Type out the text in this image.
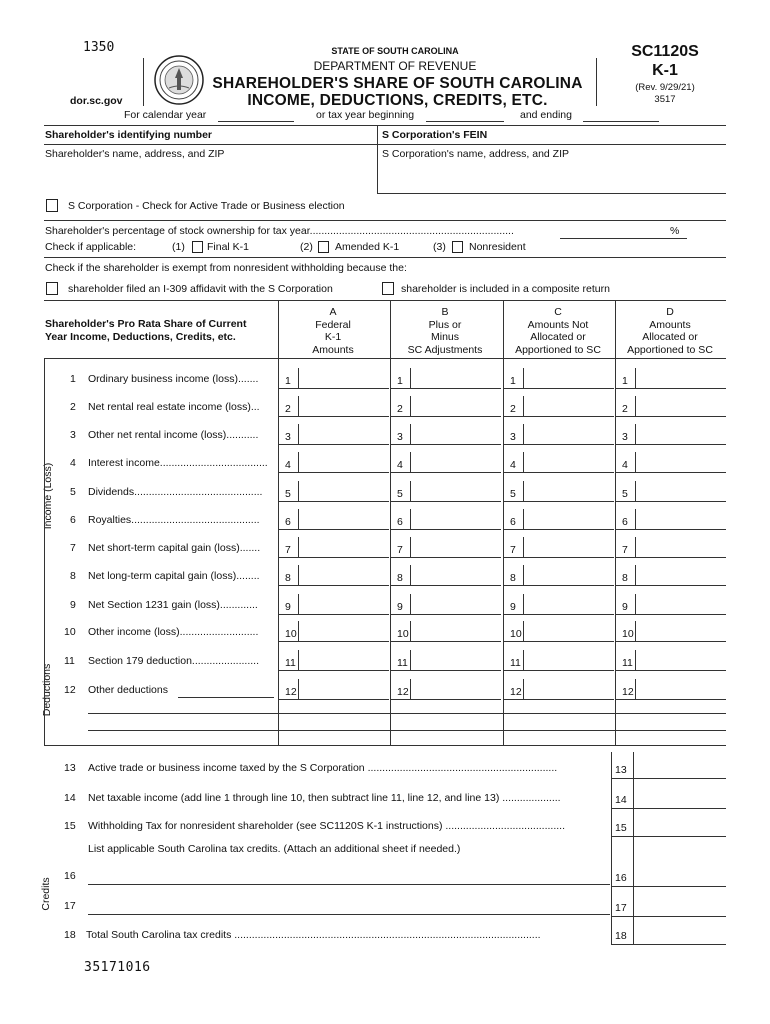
1350	STATE OF SOUTH CAROLINA
DEPARTMENT OF REVENUE
SHAREHOLDER'S SHARE OF SOUTH CAROLINA
INCOME, DEDUCTIONS, CREDITS, ETC.
dor.sc.gov
SC1120S
K-1
(Rev. 9/29/21)
3517
For calendar year	or tax year beginning	and ending
Shareholder's identifying number	S Corporation's FEIN
Shareholder's name, address, and ZIP	S Corporation's name, address, and ZIP
S Corporation - Check for Active Trade or Business election
Shareholder's percentage of stock ownership for tax year......................................................................	%
Check if applicable:	(1) Final K-1	(2) Amended K-1	(3) Nonresident
Check if the shareholder is exempt from nonresident withholding because the:
shareholder filed an I-309 affidavit with the S Corporation	shareholder is included in a composite return
Shareholder's Pro Rata Share of Current
Year Income, Deductions, Credits, etc.
A
Federal
K-1
Amounts
B
Plus or
Minus
SC Adjustments
C
Amounts Not
Allocated or
Apportioned to SC
D
Amounts
Allocated or
Apportioned to SC
Income (Loss)
Deductions
Credits
1 Ordinary business income (loss).......	1	1	1	1
2 Net rental real estate income (loss)...	2	2	2	2
3 Other net rental income (loss)...........	3	3	3	3
4 Interest income.....................................	4	4	4	4
5 Dividends............................................	5	5	5	5
6 Royalties............................................	6	6	6	6
7 Net short-term capital gain (loss).......	7	7	7	7
8 Net long-term capital gain (loss)........	8	8	8	8
9 Net Section 1231 gain (loss).............	9	9	9	9
10 Other income (loss)...........................	10	10	10	10
11 Section 179 deduction.......................	11	11	11	11
12 Other deductions	12	12	12	12
13 Active trade or business income taxed by the S Corporation .................................................................	13
14 Net taxable income (add line 1 through line 10, then subtract line 11, line 12, and line 13) ....................	14
15 Withholding Tax for nonresident shareholder (see SC1120S K-1 instructions) .........................................	15
16	16
17	17
18 Total South Carolina tax credits .........................................................................................................	18
List applicable South Carolina tax credits. (Attach an additional sheet if needed.)
35171016
